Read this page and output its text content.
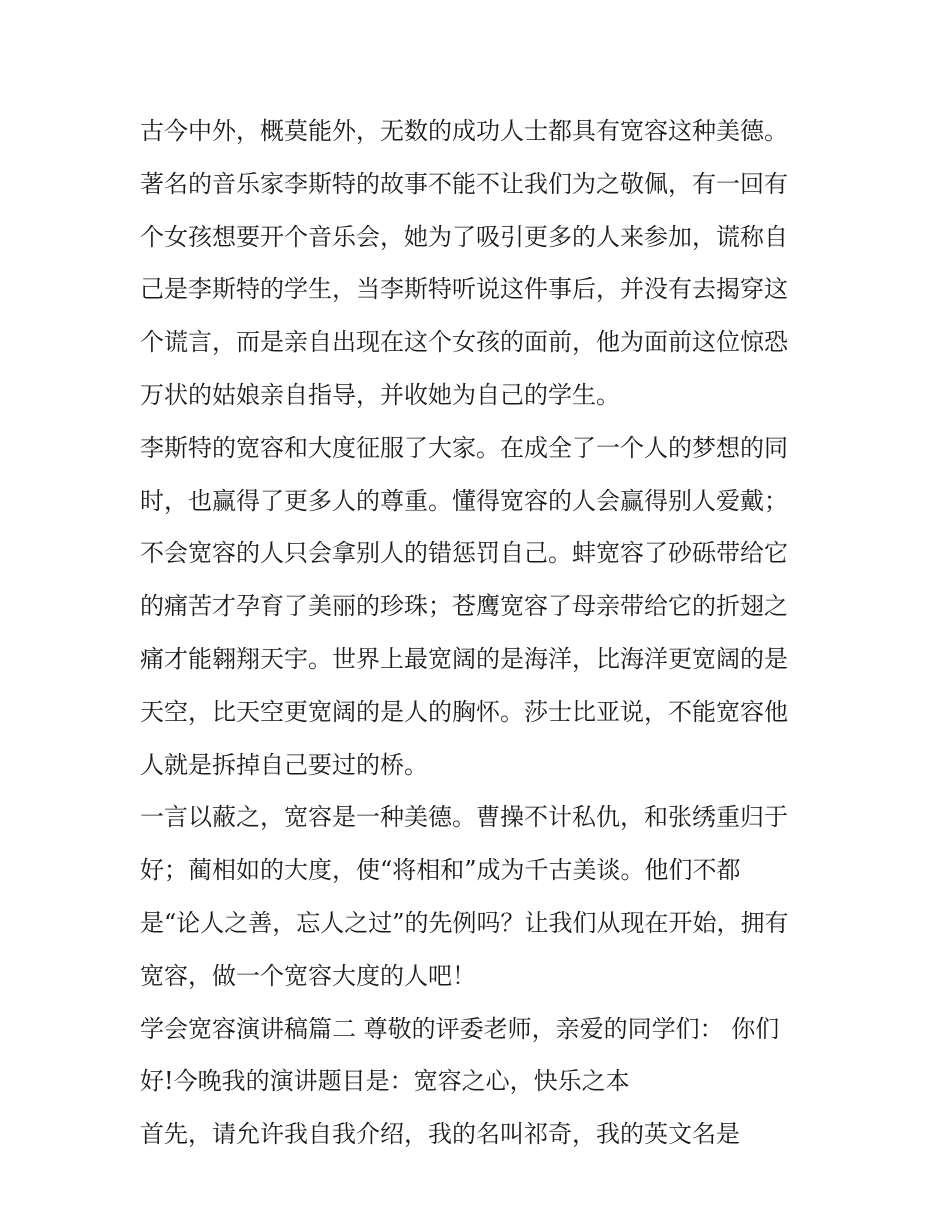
古今中外，概莫能外，无数的成功人士都具有宽容这种美德。
著名的音乐家李斯特的故事不能不让我们为之敬佩，有一回有
个女孩想要开个音乐会，她为了吸引更多的人来参加，谎称自
己是李斯特的学生，当李斯特听说这件事后，并没有去揭穿这
个谎言，而是亲自出现在这个女孩的面前，他为面前这位惊恐
万状的姑娘亲自指导，并收她为自己的学生。
李斯特的宽容和大度征服了大家。在成全了一个人的梦想的同
时，也赢得了更多人的尊重。懂得宽容的人会赢得别人爱戴；
不会宽容的人只会拿别人的错惩罚自己。蚌宽容了砂砾带给它
的痛苦才孕育了美丽的珍珠；苍鹰宽容了母亲带给它的折翅之
痛才能翱翔天宇。世界上最宽阔的是海洋，比海洋更宽阔的是
天空，比天空更宽阔的是人的胸怀。莎士比亚说，不能宽容他
人就是拆掉自己要过的桥。
一言以蔽之，宽容是一种美德。曹操不计私仇，和张绣重归于
好；蔺相如的大度，使“将相和”成为千古美谈。他们不都
是“论人之善，忘人之过”的先例吗？让我们从现在开始，拥有
宽容，做一个宽容大度的人吧！
学会宽容演讲稿篇二 尊敬的评委老师，亲爱的同学们： 你们
好!今晚我的演讲题目是：宽容之心，快乐之本
首先，请允许我自我介绍，我的名叫祁奇，我的英文名是
